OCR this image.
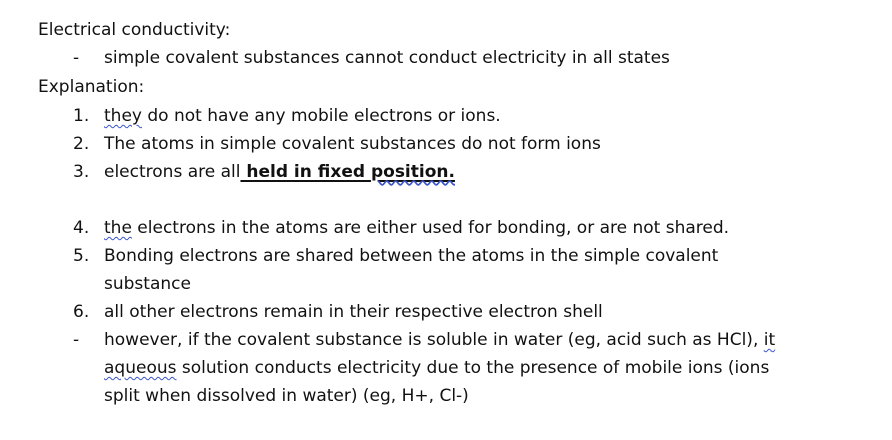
Electrical conductivity:
- simple covalent substances cannot conduct electricity in all states
Explanation:
1. they do not have any mobile electrons or ions.
2. The atoms in simple covalent substances do not form ions
3. electrons are all held in fixed position.
4. the electrons in the atoms are either used for bonding, or are not shared.
5. Bonding electrons are shared between the atoms in the simple covalent
substance
6. all other electrons remain in their respective electron shell
- however, if the covalent substance is soluble in water (eg, acid such as HCl), it
aqueous solution conducts electricity due to the presence of mobile ions (ions
split when dissolved in water) (eg, H+, Cl-)
